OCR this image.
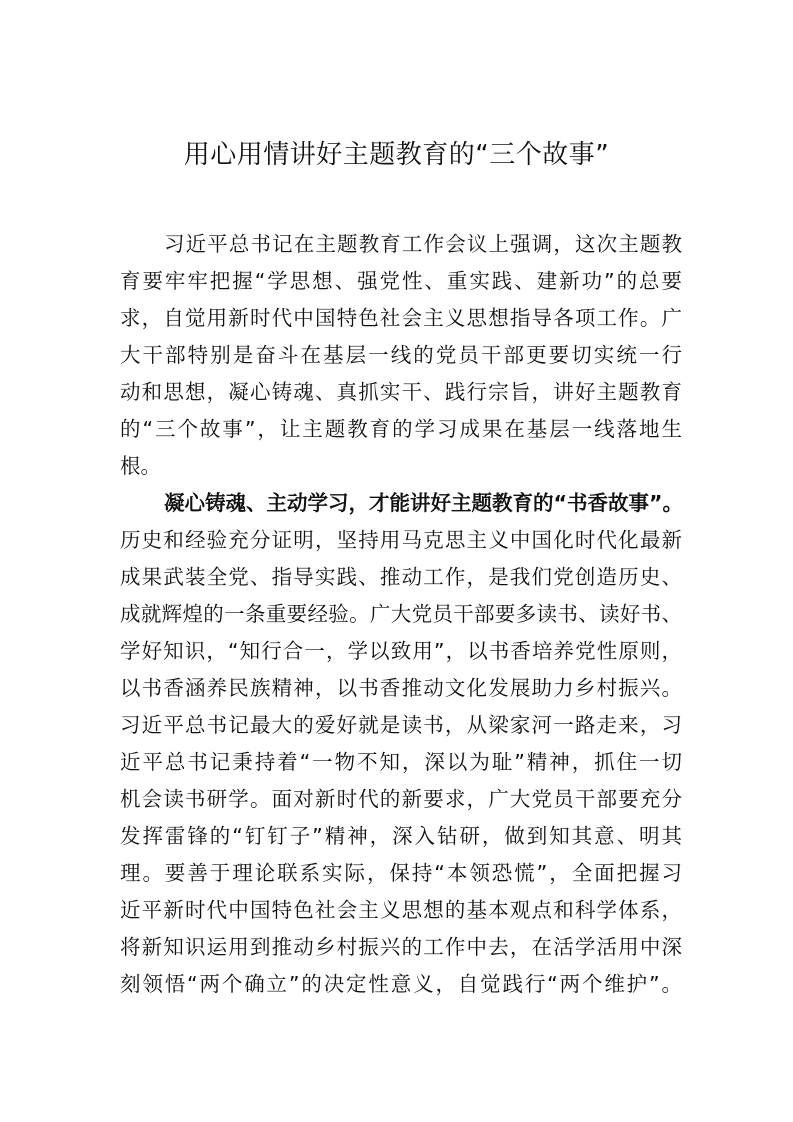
用心用情讲好主题教育的“三个故事”
习近平总书记在主题教育工作会议上强调，这次主题教
育要牢牢把握“学思想、强党性、重实践、建新功”的总要
求，自觉用新时代中国特色社会主义思想指导各项工作。广
大干部特别是奋斗在基层一线的党员干部更要切实统一行
动和思想，凝心铸魂、真抓实干、践行宗旨，讲好主题教育
的“三个故事”，让主题教育的学习成果在基层一线落地生
根。
凝心铸魂、主动学习，才能讲好主题教育的“书香故事”。
历史和经验充分证明，坚持用马克思主义中国化时代化最新
成果武装全党、指导实践、推动工作，是我们党创造历史、
成就辉煌的一条重要经验。广大党员干部要多读书、读好书、
学好知识，“知行合一，学以致用”，以书香培养党性原则，
以书香涵养民族精神，以书香推动文化发展助力乡村振兴。
习近平总书记最大的爱好就是读书，从梁家河一路走来，习
近平总书记秉持着“一物不知，深以为耻”精神，抓住一切
机会读书研学。面对新时代的新要求，广大党员干部要充分
发挥雷锋的“钉钉子”精神，深入钻研，做到知其意、明其
理。要善于理论联系实际，保持“本领恐慌”，全面把握习
近平新时代中国特色社会主义思想的基本观点和科学体系，
将新知识运用到推动乡村振兴的工作中去，在活学活用中深
刻领悟“两个确立”的决定性意义，自觉践行“两个维护”。
